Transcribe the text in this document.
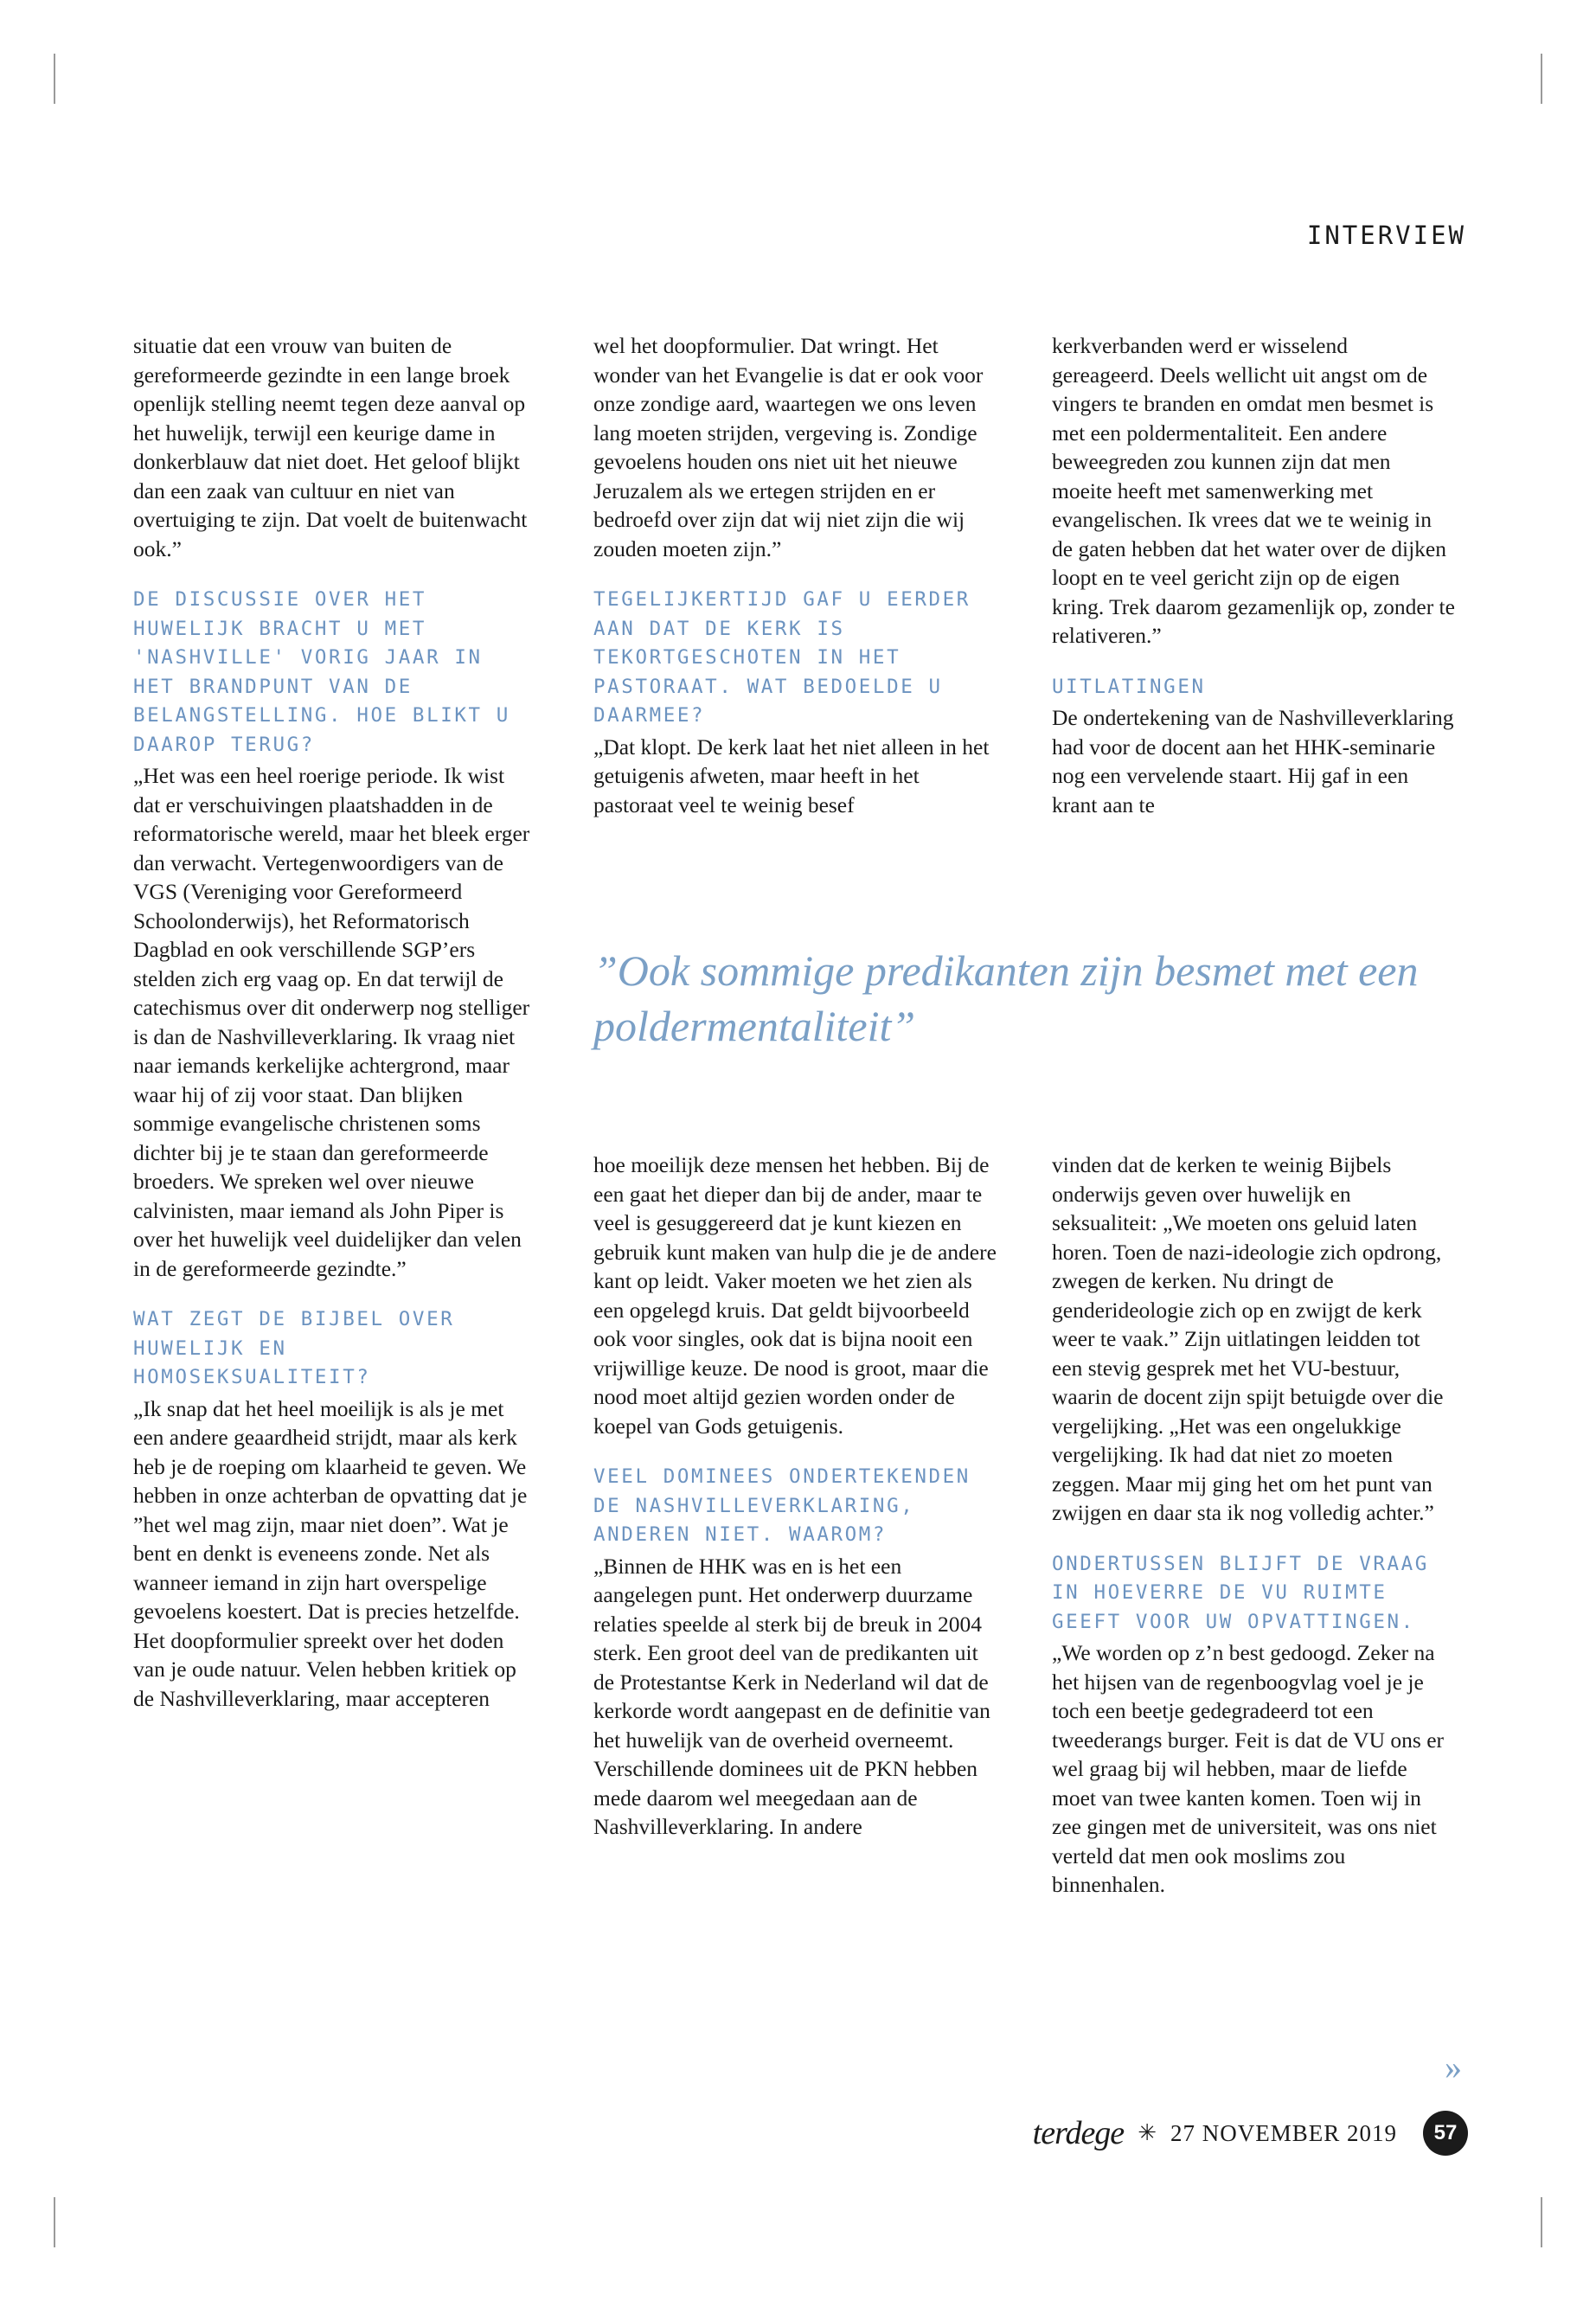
INTERVIEW

situatie dat een vrouw van buiten de gereformeerde gezindte in een lange broek openlijk stelling neemt tegen deze aanval op het huwelijk, terwijl een keurige dame in donkerblauw dat niet doet. Het geloof blijkt dan een zaak van cultuur en niet van overtuiging te zijn. Dat voelt de buitenwacht ook.”

DE DISCUSSIE OVER HET HUWELIJK BRACHT U MET 'NASHVILLE' VORIG JAAR IN HET BRANDPUNT VAN DE BELANGSTELLING. HOE BLIKT U DAAROP TERUG?

„Het was een heel roerige periode. Ik wist dat er verschuivingen plaatshadden in de reformatorische wereld, maar het bleek erger dan verwacht. Vertegenwoordigers van de VGS (Vereniging voor Gereformeerd Schoolonderwijs), het Reformatorisch Dagblad en ook verschillende SGP’ers stelden zich erg vaag op. En dat terwijl de catechismus over dit onderwerp nog stelliger is dan de Nashvilleverklaring. Ik vraag niet naar iemands kerkelijke achtergrond, maar waar hij of zij voor staat. Dan blijken sommige evangelische christenen soms dichter bij je te staan dan gereformeerde broeders. We spreken wel over nieuwe calvinisten, maar iemand als John Piper is over het huwelijk veel duidelijker dan velen in de gereformeerde gezindte.”

WAT ZEGT DE BIJBEL OVER HUWELIJK EN HOMOSEKSUALITEIT?

„Ik snap dat het heel moeilijk is als je met een andere geaardheid strijdt, maar als kerk heb je de roeping om klaarheid te geven. We hebben in onze achterban de opvatting dat je ”het wel mag zijn, maar niet doen”. Wat je bent en denkt is eveneens zonde. Net als wanneer iemand in zijn hart overspelige gevoelens koestert. Dat is precies hetzelfde. Het doopformulier spreekt over het doden van je oude natuur. Velen hebben kritiek op de Nashvilleverklaring, maar accepteren

wel het doopformulier. Dat wringt. Het wonder van het Evangelie is dat er ook voor onze zondige aard, waartegen we ons leven lang moeten strijden, vergeving is. Zondige gevoelens houden ons niet uit het nieuwe Jeruzalem als we ertegen strijden en er bedroefd over zijn dat wij niet zijn die wij zouden moeten zijn.”

TEGELIJKERTIJD GAF U EERDER AAN DAT DE KERK IS TEKORTGESCHOTEN IN HET PASTORAAT. WAT BEDOELDE U DAARMEE?

„Dat klopt. De kerk laat het niet alleen in het getuigenis afweten, maar heeft in het pastoraat veel te weinig besef

kerkverbanden werd er wisselend gereageerd. Deels wellicht uit angst om de vingers te branden en omdat men besmet is met een poldermentaliteit. Een andere beweegreden zou kunnen zijn dat men moeite heeft met samenwerking met evangelischen. Ik vrees dat we te weinig in de gaten hebben dat het water over de dijken loopt en te veel gericht zijn op de eigen kring. Trek daarom gezamenlijk op, zonder te relativeren.”

UITLATINGEN

De ondertekening van de Nashvilleverklaring had voor de docent aan het HHK-seminarie nog een vervelende staart. Hij gaf in een krant aan te

”Ook sommige predikanten zijn besmet met een poldermentaliteit”

hoe moeilijk deze mensen het hebben. Bij de een gaat het dieper dan bij de ander, maar te veel is gesuggereerd dat je kunt kiezen en gebruik kunt maken van hulp die je de andere kant op leidt. Vaker moeten we het zien als een opgelegd kruis. Dat geldt bijvoorbeeld ook voor singles, ook dat is bijna nooit een vrijwillige keuze. De nood is groot, maar die nood moet altijd gezien worden onder de koepel van Gods getuigenis.

VEEL DOMINEES ONDERTEKENDEN DE NASHVILLEVERKLARING, ANDEREN NIET. WAAROM?

„Binnen de HHK was en is het een aangelegen punt. Het onderwerp duurzame relaties speelde al sterk bij de breuk in 2004 sterk. Een groot deel van de predikanten uit de Protestantse Kerk in Nederland wil dat de kerkorde wordt aangepast en de definitie van het huwelijk van de overheid overneemt. Verschillende dominees uit de PKN hebben mede daarom wel meegedaan aan de Nashvilleverklaring. In andere

vinden dat de kerken te weinig Bijbels onderwijs geven over huwelijk en seksualiteit: „We moeten ons geluid laten horen. Toen de nazi-ideologie zich opdrong, zwegen de kerken. Nu dringt de genderideologie zich op en zwijgt de kerk weer te vaak.” Zijn uitlatingen leidden tot een stevig gesprek met het VU-bestuur, waarin de docent zijn spijt betuigde over die vergelijking. „Het was een ongelukkige vergelijking. Ik had dat niet zo moeten zeggen. Maar mij ging het om het punt van zwijgen en daar sta ik nog volledig achter.”

ONDERTUSSEN BLIJFT DE VRAAG IN HOEVERRE DE VU RUIMTE GEEFT VOOR UW OPVATTINGEN.

„We worden op z’n best gedoogd. Zeker na het hijsen van de regenboogvlag voel je je toch een beetje gedegradeerd tot een tweederangs burger. Feit is dat de VU ons er wel graag bij wil hebben, maar de liefde moet van twee kanten komen. Toen wij in zee gingen met de universiteit, was ons niet verteld dat men ook moslims zou binnenhalen.

»
terdege ✳ 27 NOVEMBER 2019	57
